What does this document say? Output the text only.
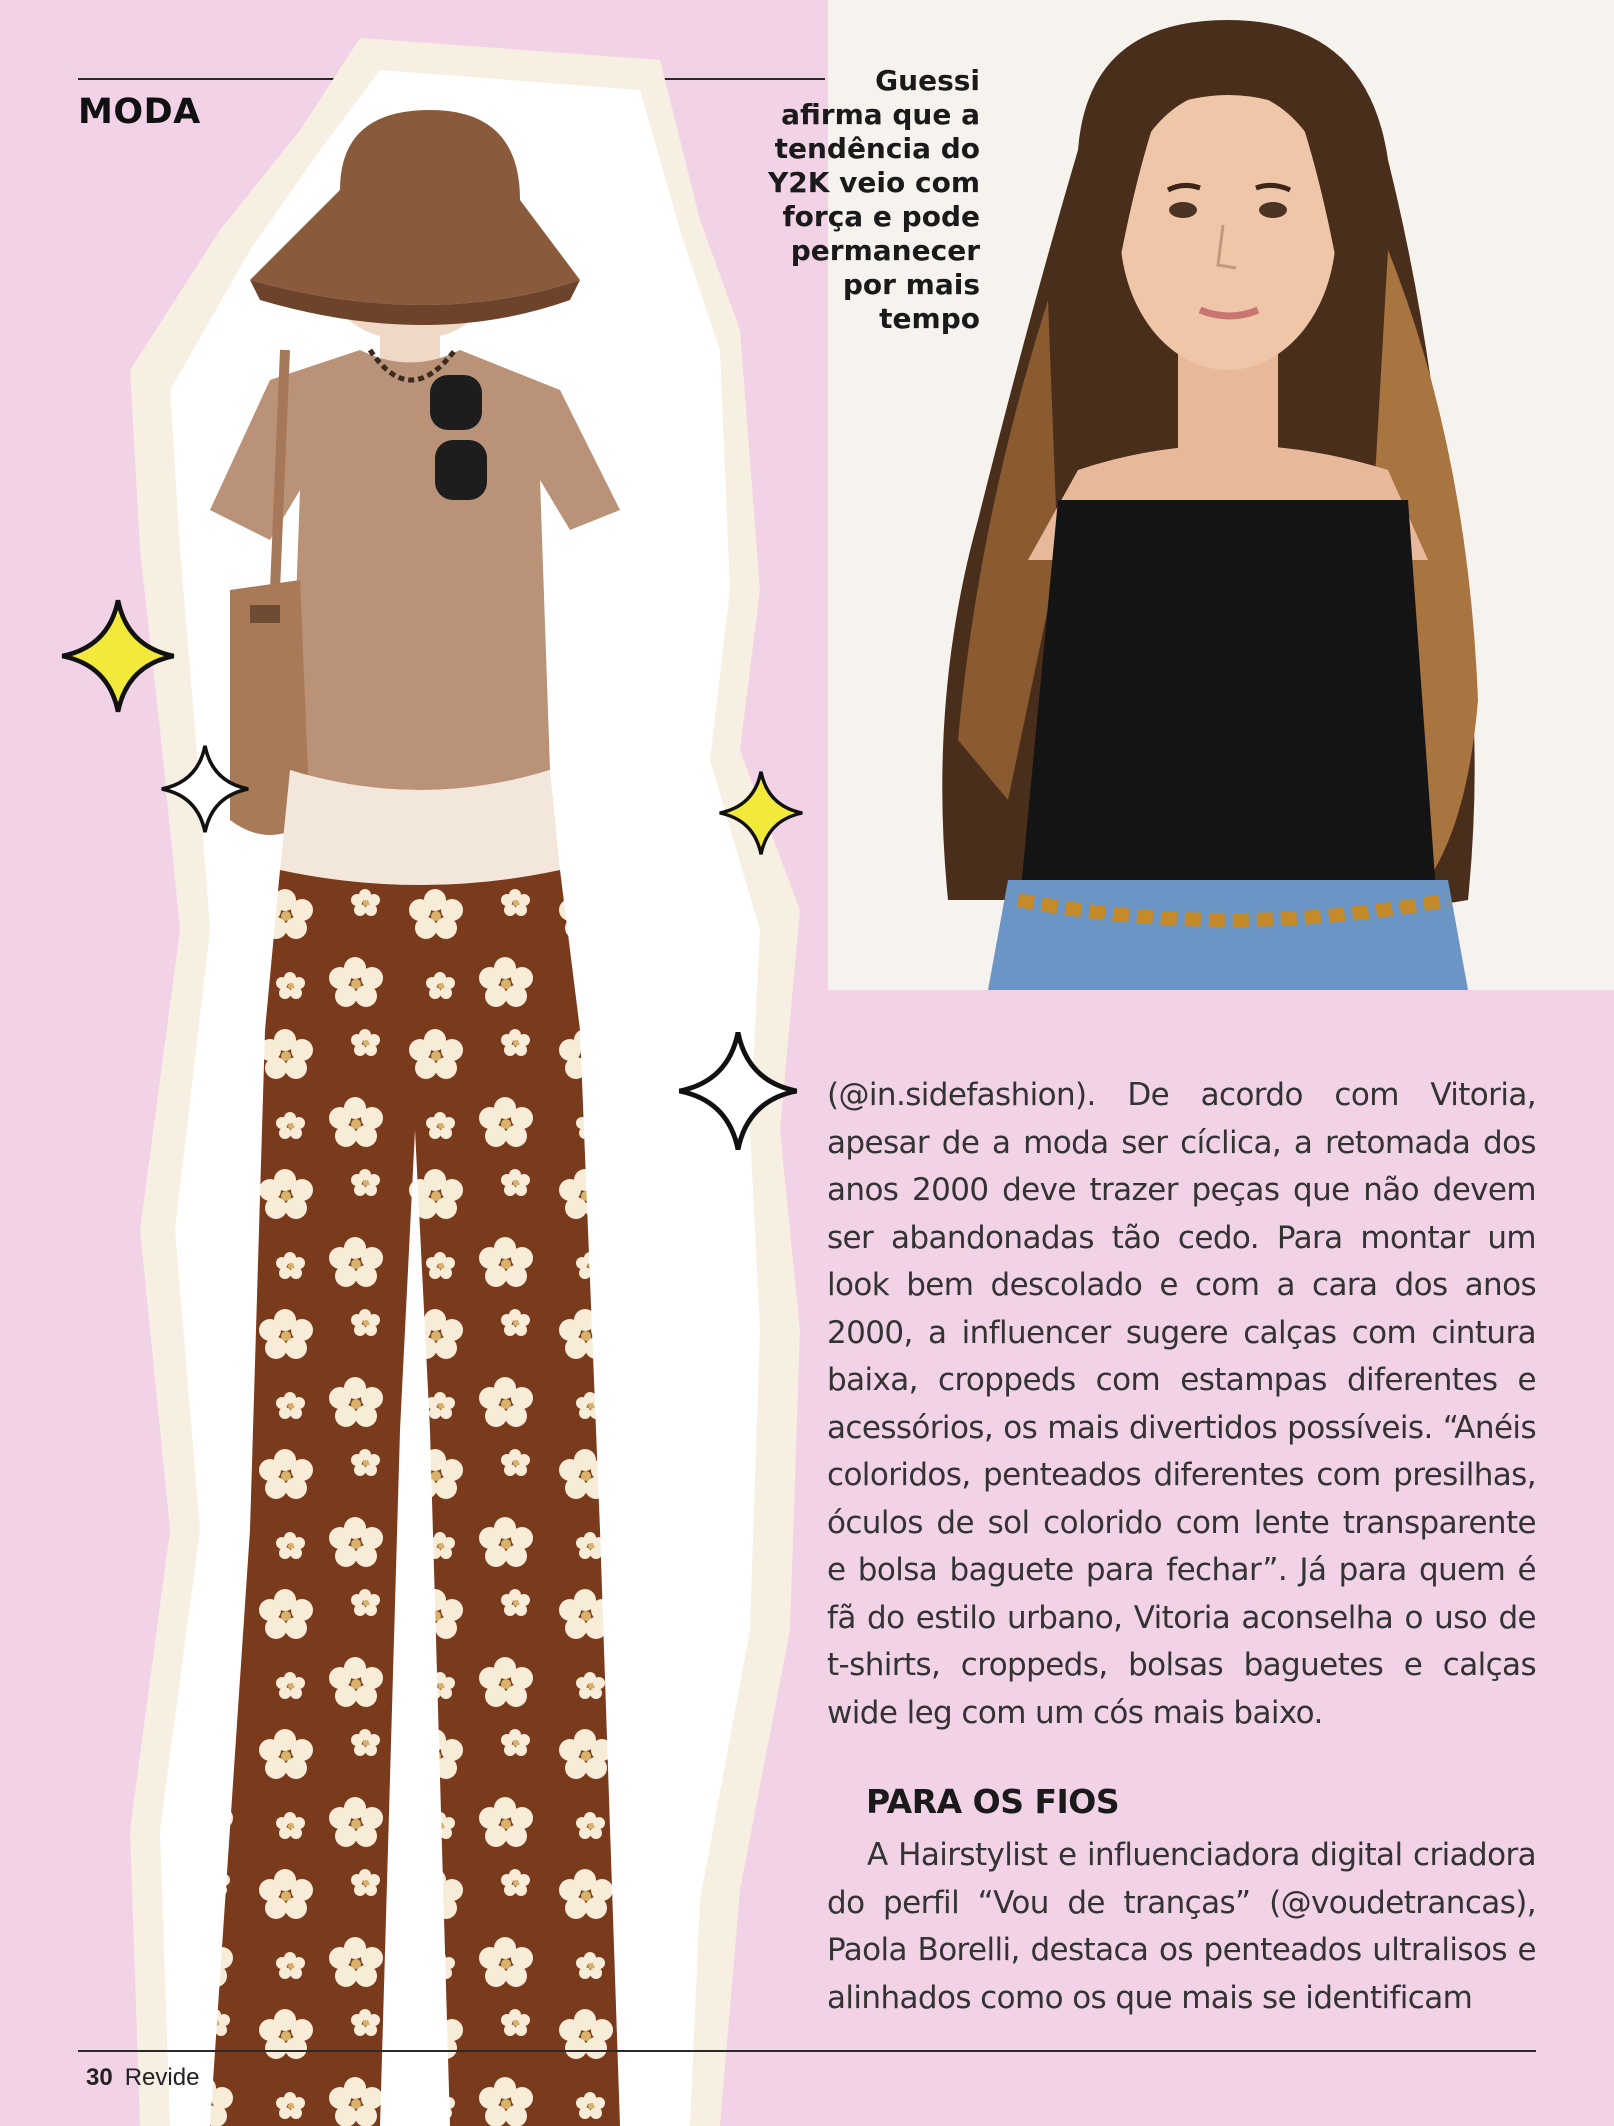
MODA
Guessi
afirma que a
tendência do
Y2K veio com
força e pode
permanecer
por mais
tempo
(@in.sidefashion). De acordo com Vitoria, apesar de a moda ser cíclica, a retomada dos anos 2000 deve trazer peças que não devem ser abandonadas tão cedo. Para montar um look bem descolado e com a cara dos anos 2000, a influencer sugere calças com cintura baixa, croppeds com estampas diferentes e acessórios, os mais divertidos possíveis. “Anéis coloridos, penteados diferentes com presilhas, óculos de sol colorido com lente transparente e bolsa baguete para fechar”. Já para quem é fã do estilo urbano, Vitoria aconselha o uso de t-shirts, croppeds, bolsas baguetes e calças wide leg com um cós mais baixo.
PARA OS FIOS
A Hairstylist e influenciadora digital criadora do perfil “Vou de tranças” (@voudetrancas), Paola Borelli, destaca os penteados ultralisos e alinhados como os que mais se identificam
30 Revide
